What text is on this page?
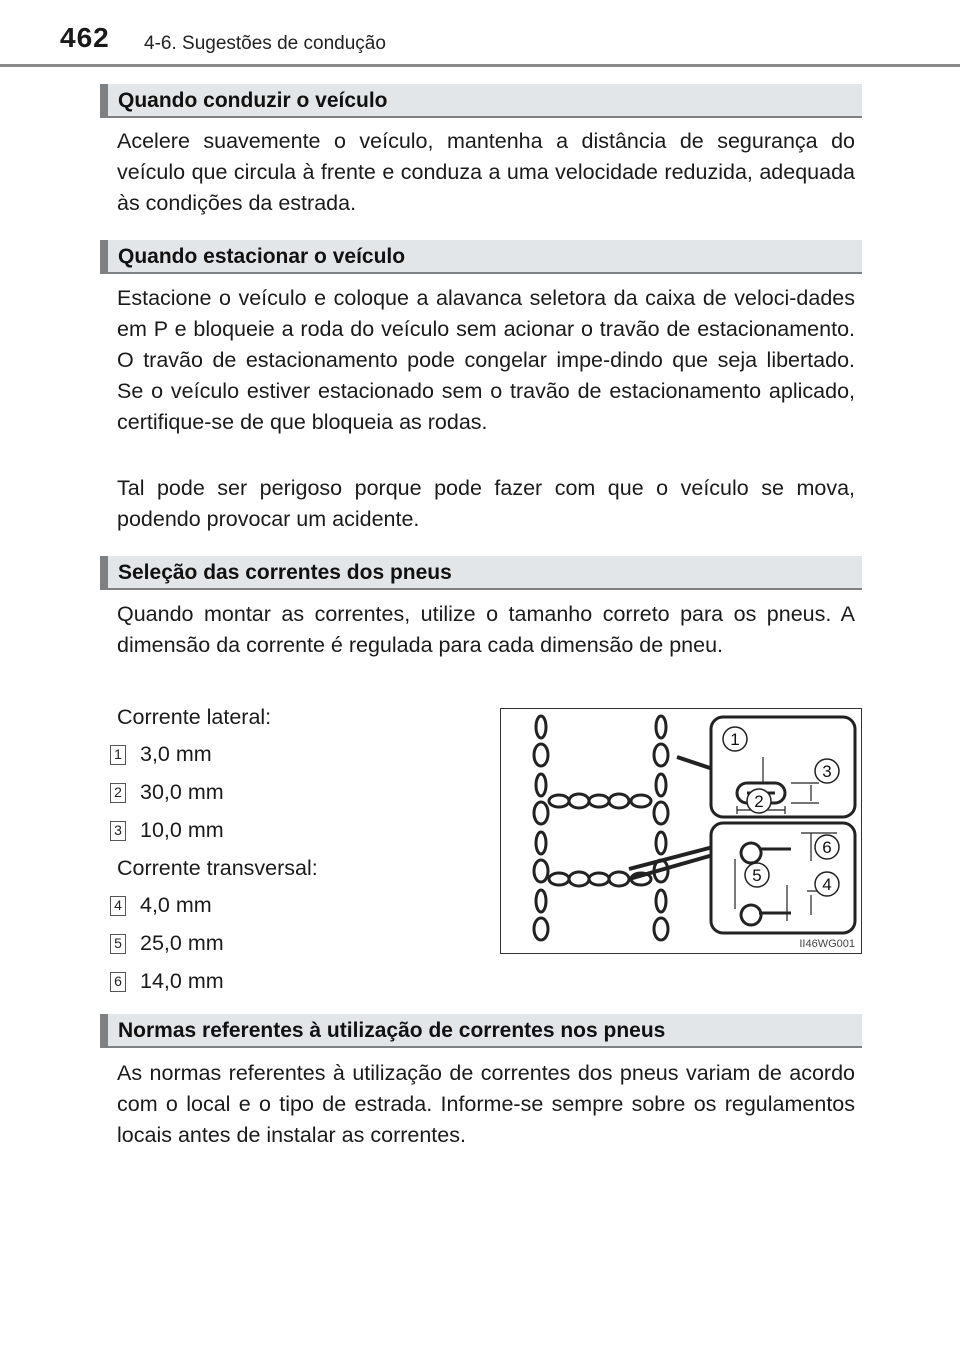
462 4-6. Sugestões de condução
Quando conduzir o veículo

Acelere suavemente o veículo, mantenha a distância de segurança do veículo que circula à frente e conduza a uma velocidade reduzida, adequada às condições da estrada.

Quando estacionar o veículo

Estacione o veículo e coloque a alavanca seletora da caixa de veloci-dades em P e bloqueie a roda do veículo sem acionar o travão de estacionamento. O travão de estacionamento pode congelar impe-dindo que seja libertado. Se o veículo estiver estacionado sem o travão de estacionamento aplicado, certifique-se de que bloqueia as rodas.

Tal pode ser perigoso porque pode fazer com que o veículo se mova, podendo provocar um acidente.

Seleção das correntes dos pneus

Quando montar as correntes, utilize o tamanho correto para os pneus. A dimensão da corrente é regulada para cada dimensão de pneu.

Corrente lateral:

1 3,0 mm
2 30,0 mm
3 10,0 mm

Corrente transversal:

4 4,0 mm
5 25,0 mm
6 14,0 mm
1
2
3
4
5
6
II46WG001
Normas referentes à utilização de correntes nos pneus

As normas referentes à utilização de correntes dos pneus variam de acordo com o local e o tipo de estrada. Informe-se sempre sobre os regulamentos locais antes de instalar as correntes.
